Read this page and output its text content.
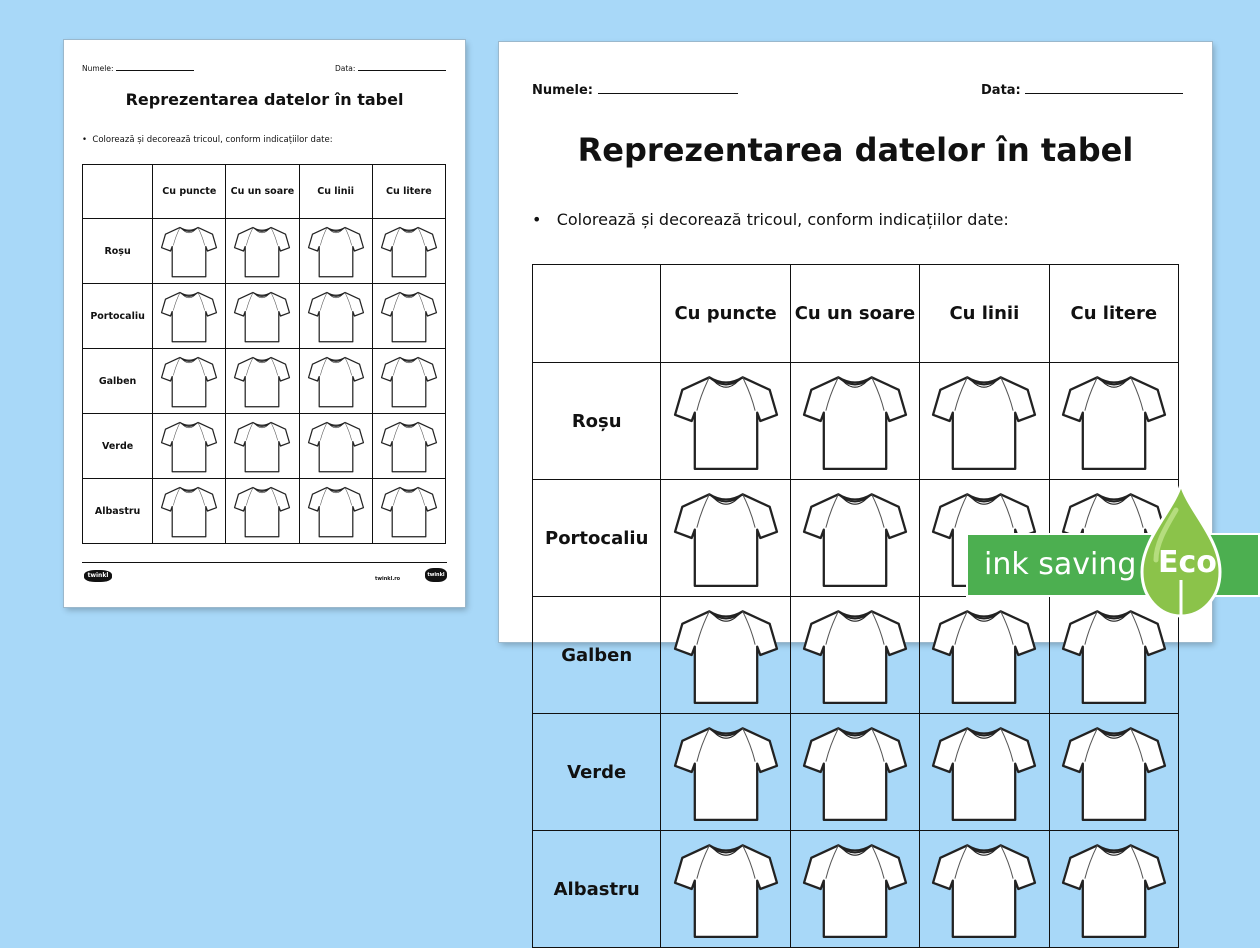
Numele:	Data:
Reprezentarea datelor în tabel
•  Colorează și decorează tricoul, conform indicațiilor date:
	Cu puncte	Cu un soare	Cu linii	Cu litere
Roșu	

Portocaliu	

Galben	

Verde	

Albastru	

twinkl	twinkl.ro
twinkl
Numele:	Data:
Reprezentarea datelor în tabel
•   Colorează și decorează tricoul, conform indicațiilor date:
	Cu puncte	Cu un soare	Cu linii	Cu litere
Roșu	

Portocaliu	

Galben	

Verde	

Albastru	

ink saving Eco
